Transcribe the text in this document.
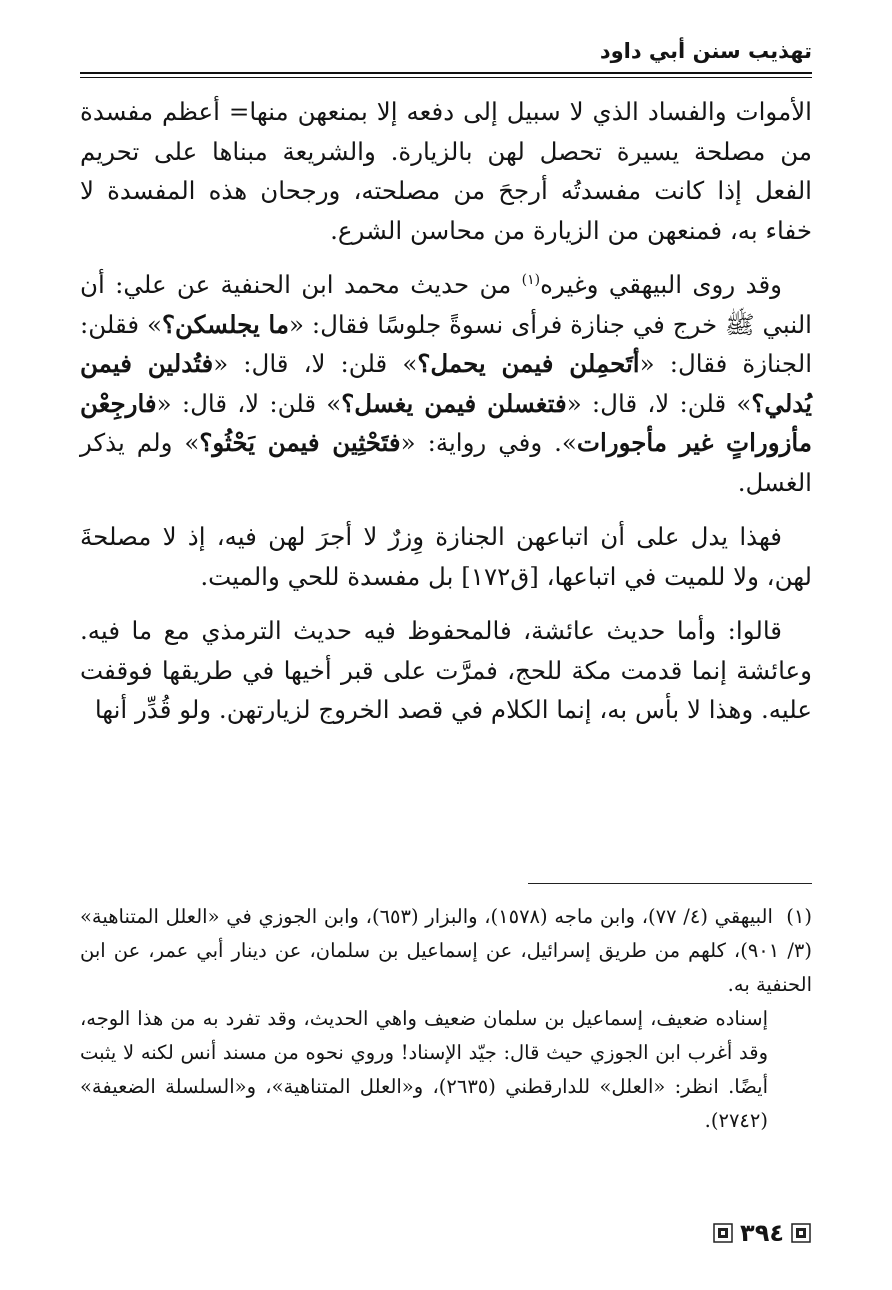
تهذيب سنن أبي داود

الأموات والفساد الذي لا سبيل إلى دفعه إلا بمنعهن منها= أعظم مفسدة من مصلحة يسيرة تحصل لهن بالزيارة. والشريعة مبناها على تحريم الفعل إذا كانت مفسدتُه أرجحَ من مصلحته، ورجحان هذه المفسدة لا خفاء به، فمنعهن من الزيارة من محاسن الشرع.

وقد روى البيهقي وغيره$^{(١)}$ من حديث محمد ابن الحنفية عن علي: أن النبي ﷺ خرج في جنازة فرأى نسوةً جلوسًا فقال: «ما يجلسكن؟» فقلن: الجنازة فقال: «أتَحمِلن فيمن يحمل؟» قلن: لا، قال: «فتُدلين فيمن يُدلي؟» قلن: لا، قال: «فتغسلن فيمن يغسل؟» قلن: لا، قال: «فارجِعْن مأزوراتٍ غير مأجورات». وفي رواية: «فتَحْثِين فيمن يَحْثُو؟» ولم يذكر الغسل.

فهذا يدل على أن اتباعهن الجنازة وِزرٌ لا أجرَ لهن فيه، إذ لا مصلحةَ لهن، ولا للميت في اتباعها، [ق١٧٢] بل مفسدة للحي والميت.

قالوا: وأما حديث عائشة، فالمحفوظ فيه حديث الترمذي مع ما فيه. وعائشة إنما قدمت مكة للحج، فمرَّت على قبر أخيها في طريقها فوقفت عليه. وهذا لا بأس به، إنما الكلام في قصد الخروج لزيارتهن. ولو قُدِّر أنها

(١)  البيهقي (٤/ ٧٧)، وابن ماجه (١٥٧٨)، والبزار (٦٥٣)، وابن الجوزي في «العلل المتناهية» (٣/ ٩٠١)، كلهم من طريق إسرائيل، عن إسماعيل بن سلمان، عن دينار أبي عمر، عن ابن الحنفية به.

إسناده ضعيف، إسماعيل بن سلمان ضعيف واهي الحديث، وقد تفرد به من هذا الوجه، وقد أغرب ابن الجوزي حيث قال: جيّد الإسناد! وروي نحوه من مسند أنس لكنه لا يثبت أيضًا. انظر: «العلل» للدارقطني (٢٦٣٥)، و«العلل المتناهية»، و«السلسلة الضعيفة» (٢٧٤٢).

٣٩٤
